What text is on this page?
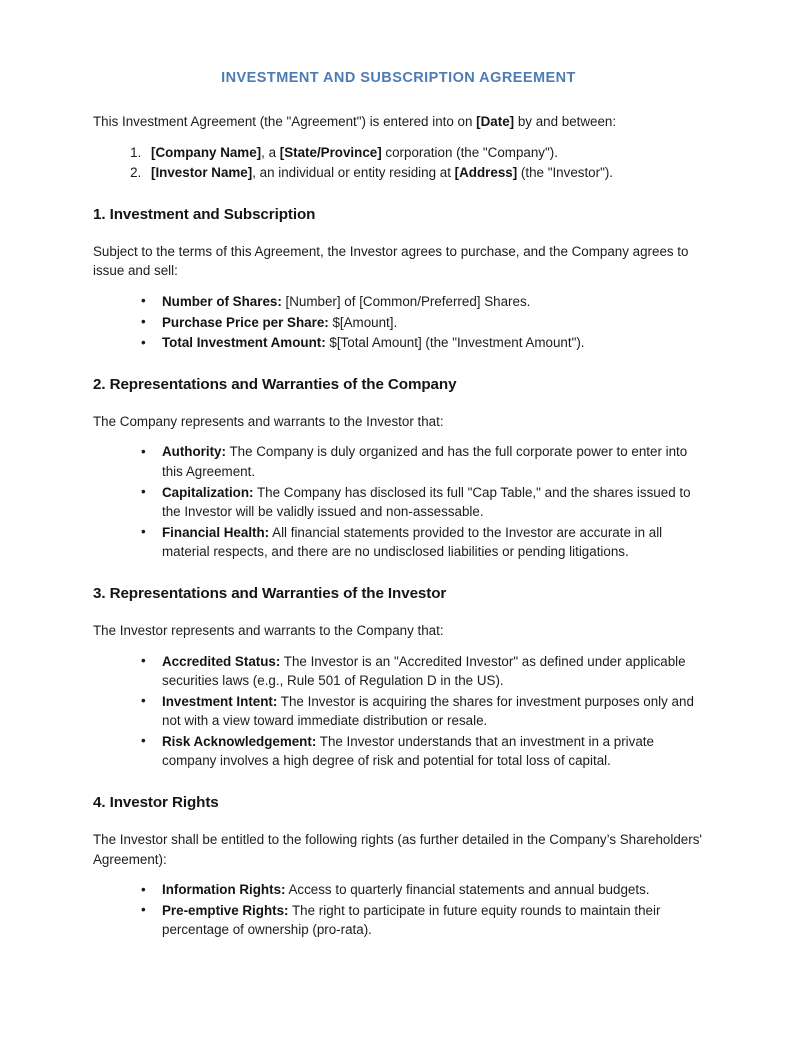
INVESTMENT AND SUBSCRIPTION AGREEMENT

This Investment Agreement (the "Agreement") is entered into on [Date] by and between:

1. [Company Name], a [State/Province] corporation (the "Company").
2. [Investor Name], an individual or entity residing at [Address] (the "Investor").
1. Investment and Subscription

Subject to the terms of this Agreement, the Investor agrees to purchase, and the Company agrees to issue and sell:

• Number of Shares: [Number] of [Common/Preferred] Shares.
• Purchase Price per Share: $[Amount].
• Total Investment Amount: $[Total Amount] (the "Investment Amount").
2. Representations and Warranties of the Company

The Company represents and warrants to the Investor that:

• Authority: The Company is duly organized and has the full corporate power to enter into this Agreement.
• Capitalization: The Company has disclosed its full "Cap Table," and the shares issued to the Investor will be validly issued and non-assessable.
• Financial Health: All financial statements provided to the Investor are accurate in all material respects, and there are no undisclosed liabilities or pending litigations.
3. Representations and Warranties of the Investor

The Investor represents and warrants to the Company that:

• Accredited Status: The Investor is an "Accredited Investor" as defined under applicable securities laws (e.g., Rule 501 of Regulation D in the US).
• Investment Intent: The Investor is acquiring the shares for investment purposes only and not with a view toward immediate distribution or resale.
• Risk Acknowledgement: The Investor understands that an investment in a private company involves a high degree of risk and potential for total loss of capital.
4. Investor Rights

The Investor shall be entitled to the following rights (as further detailed in the Company’s Shareholders' Agreement):

• Information Rights: Access to quarterly financial statements and annual budgets.
• Pre-emptive Rights: The right to participate in future equity rounds to maintain their percentage of ownership (pro-rata).
